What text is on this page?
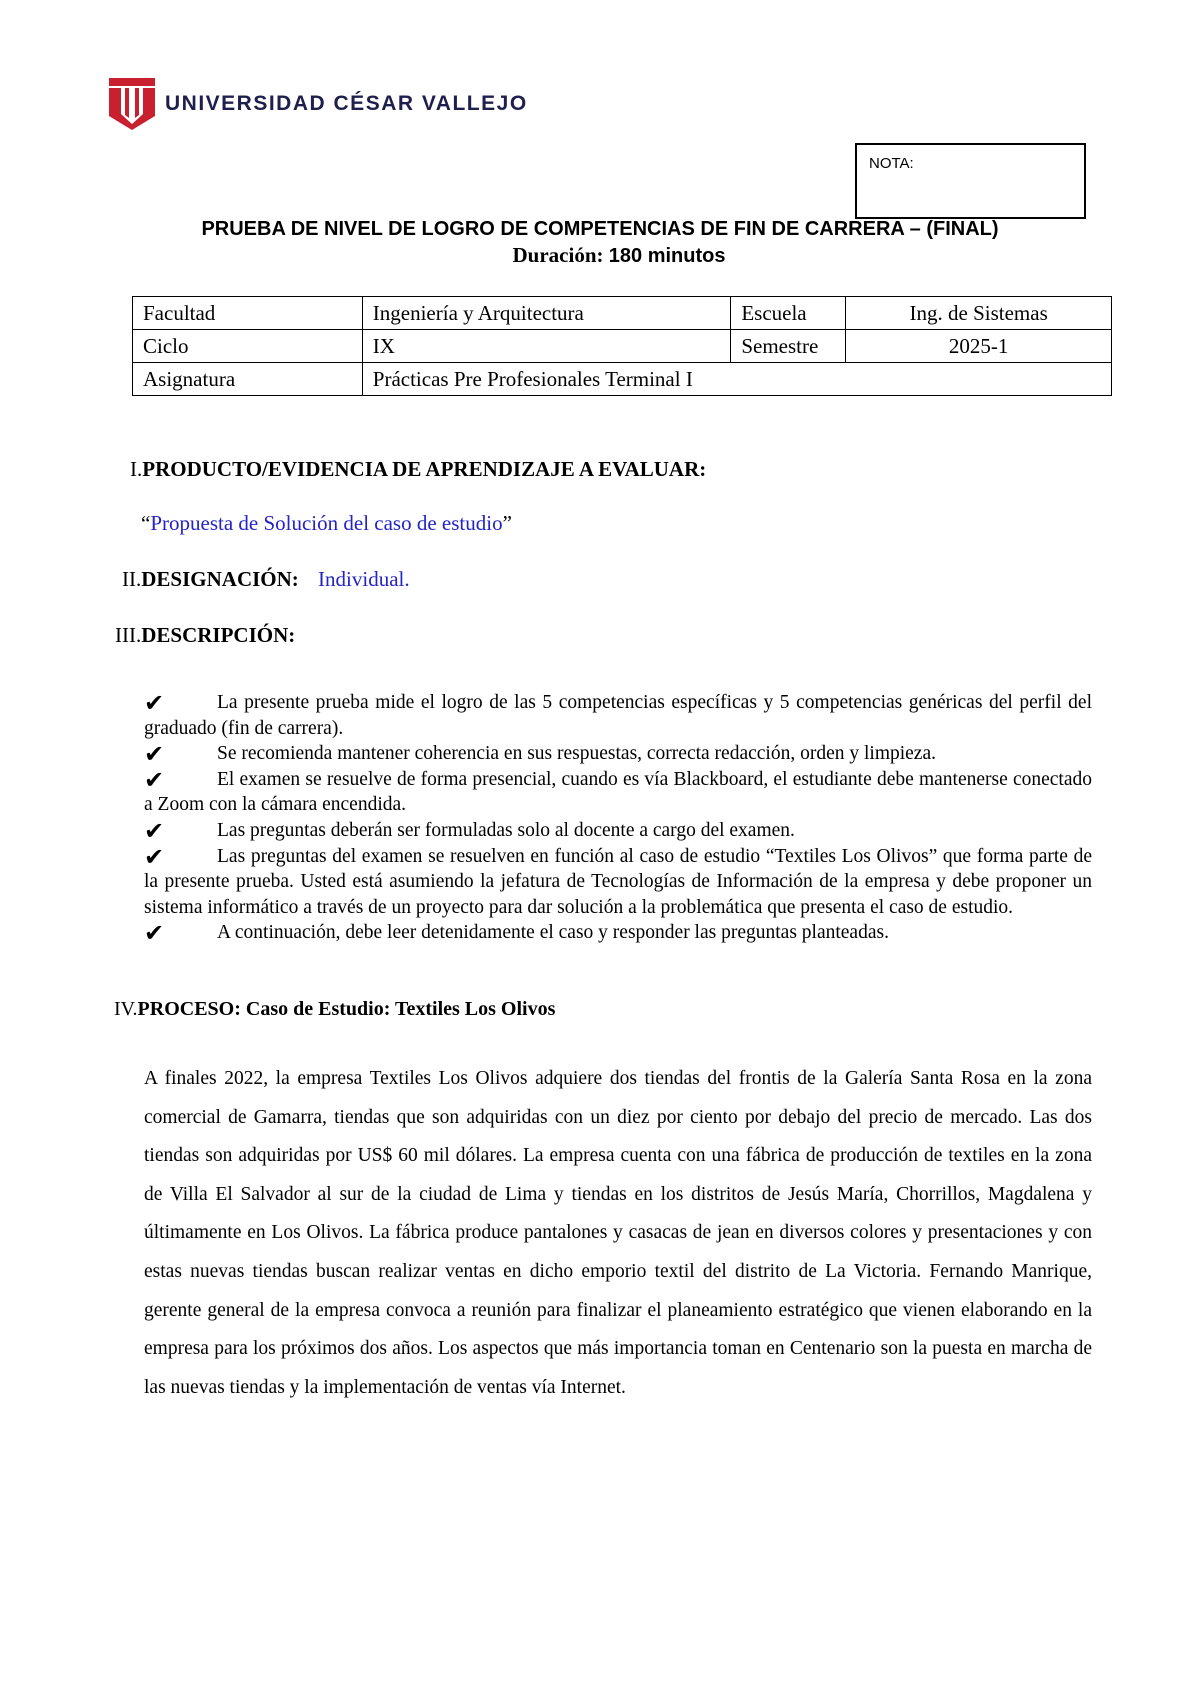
UNIVERSIDAD CÉSAR VALLEJO
NOTA:
PRUEBA DE NIVEL DE LOGRO DE COMPETENCIAS DE FIN DE CARRERA – (FINAL)
Duración: 180 minutos
Facultad	Ingeniería y Arquitectura	Escuela	Ing. de Sistemas
Ciclo	IX	Semestre	2025-1
Asignatura	Prácticas Pre Profesionales Terminal I		
I.PRODUCTO/EVIDENCIA DE APRENDIZAJE A EVALUAR:
“Propuesta de Solución del caso de estudio”
II.DESIGNACIÓN: Individual.
III.DESCRIPCIÓN:
✔	La presente prueba mide el logro de las 5 competencias específicas y 5 competencias genéricas del perfil del graduado (fin de carrera).
✔	Se recomienda mantener coherencia en sus respuestas, correcta redacción, orden y limpieza.
✔	El examen se resuelve de forma presencial, cuando es vía Blackboard, el estudiante debe mantenerse conectado a Zoom con la cámara encendida.
✔	Las preguntas deberán ser formuladas solo al docente a cargo del examen.
✔	Las preguntas del examen se resuelven en función al caso de estudio “Textiles Los Olivos” que forma parte de la presente prueba. Usted está asumiendo la jefatura de Tecnologías de Información de la empresa y debe proponer un sistema informático a través de un proyecto para dar solución a la problemática que presenta el caso de estudio.
✔	A continuación, debe leer detenidamente el caso y responder las preguntas planteadas.
IV.PROCESO: Caso de Estudio: Textiles Los Olivos
A finales 2022, la empresa Textiles Los Olivos adquiere dos tiendas del frontis de la Galería Santa Rosa en la zona comercial de Gamarra, tiendas que son adquiridas con un diez por ciento por debajo del precio de mercado. Las dos tiendas son adquiridas por US$ 60 mil dólares. La empresa cuenta con una fábrica de producción de textiles en la zona de Villa El Salvador al sur de la ciudad de Lima y tiendas en los distritos de Jesús María, Chorrillos, Magdalena y últimamente en Los Olivos. La fábrica produce pantalones y casacas de jean en diversos colores y presentaciones y con estas nuevas tiendas buscan realizar ventas en dicho emporio textil del distrito de La Victoria. Fernando Manrique, gerente general de la empresa convoca a reunión para finalizar el planeamiento estratégico que vienen elaborando en la empresa para los próximos dos años. Los aspectos que más importancia toman en Centenario son la puesta en marcha de las nuevas tiendas y la implementación de ventas vía Internet.
